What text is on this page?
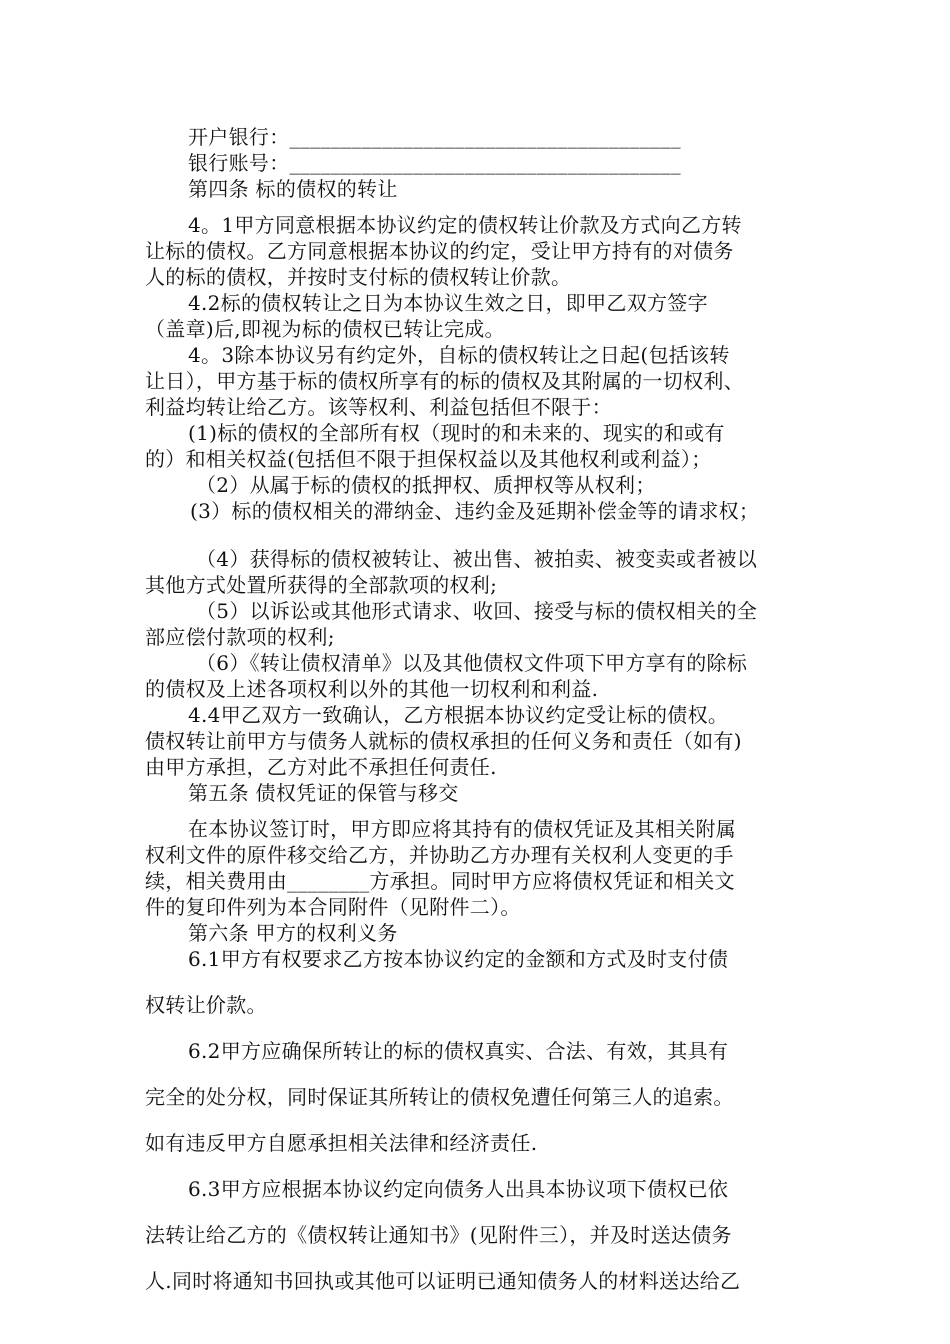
开户银行：______________________________________
银行账号：______________________________________
第四条 标的债权的转让
4。1甲方同意根据本协议约定的债权转让价款及方式向乙方转
让标的债权。乙方同意根据本协议的约定，受让甲方持有的对债务
人的标的债权，并按时支付标的债权转让价款。
4.2标的债权转让之日为本协议生效之日，即甲乙双方签字
（盖章)后,即视为标的债权已转让完成。
4。3除本协议另有约定外，自标的债权转让之日起(包括该转
让日），甲方基于标的债权所享有的标的债权及其附属的一切权利、
利益均转让给乙方。该等权利、利益包括但不限于：
(1)标的债权的全部所有权（现时的和未来的、现实的和或有
的）和相关权益(包括但不限于担保权益以及其他权利或利益）；
（2）从属于标的债权的抵押权、质押权等从权利；
(3）标的债权相关的滞纳金、违约金及延期补偿金等的请求权；
（4）获得标的债权被转让、被出售、被拍卖、被变卖或者被以
其他方式处置所获得的全部款项的权利;
（5）以诉讼或其他形式请求、收回、接受与标的债权相关的全
部应偿付款项的权利;
（6）《转让债权清单》以及其他债权文件项下甲方享有的除标
的债权及上述各项权利以外的其他一切权利和利益.
4.4甲乙双方一致确认，乙方根据本协议约定受让标的债权。
债权转让前甲方与债务人就标的债权承担的任何义务和责任（如有)
由甲方承担，乙方对此不承担任何责任.
第五条 债权凭证的保管与移交
在本协议签订时，甲方即应将其持有的债权凭证及其相关附属
权利文件的原件移交给乙方，并协助乙方办理有关权利人变更的手
续，相关费用由________方承担。同时甲方应将债权凭证和相关文
件的复印件列为本合同附件（见附件二）。
第六条 甲方的权利义务
6.1甲方有权要求乙方按本协议约定的金额和方式及时支付债
权转让价款。
6.2甲方应确保所转让的标的债权真实、合法、有效，其具有
完全的处分权，同时保证其所转让的债权免遭任何第三人的追索。
如有违反甲方自愿承担相关法律和经济责任.
6.3甲方应根据本协议约定向债务人出具本协议项下债权已依
法转让给乙方的《债权转让通知书》(见附件三），并及时送达债务
人.同时将通知书回执或其他可以证明已通知债务人的材料送达给乙
